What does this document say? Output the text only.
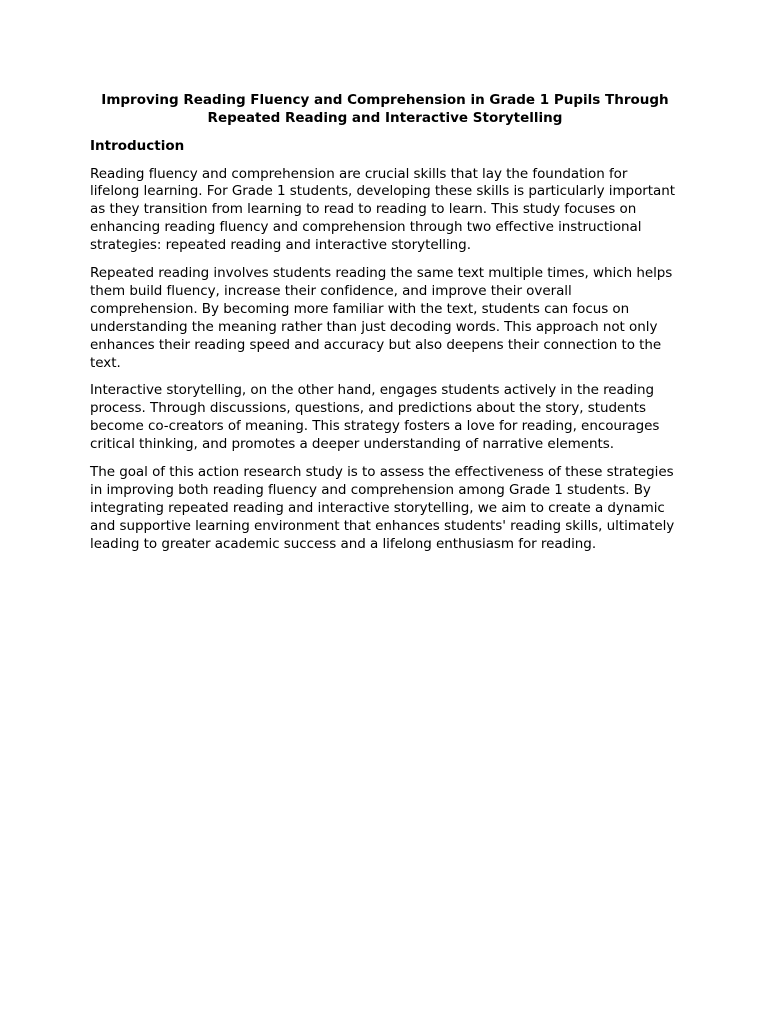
Improving Reading Fluency and Comprehension in Grade 1 Pupils Through Repeated Reading and Interactive Storytelling
Introduction

Reading fluency and comprehension are crucial skills that lay the foundation for lifelong learning. For Grade 1 students, developing these skills is particularly important as they transition from learning to read to reading to learn. This study focuses on enhancing reading fluency and comprehension through two effective instructional strategies: repeated reading and interactive storytelling.

Repeated reading involves students reading the same text multiple times, which helps them build fluency, increase their confidence, and improve their overall comprehension. By becoming more familiar with the text, students can focus on understanding the meaning rather than just decoding words. This approach not only enhances their reading speed and accuracy but also deepens their connection to the text.

Interactive storytelling, on the other hand, engages students actively in the reading process. Through discussions, questions, and predictions about the story, students become co-creators of meaning. This strategy fosters a love for reading, encourages critical thinking, and promotes a deeper understanding of narrative elements.

The goal of this action research study is to assess the effectiveness of these strategies in improving both reading fluency and comprehension among Grade 1 students. By integrating repeated reading and interactive storytelling, we aim to create a dynamic and supportive learning environment that enhances students' reading skills, ultimately leading to greater academic success and a lifelong enthusiasm for reading.
